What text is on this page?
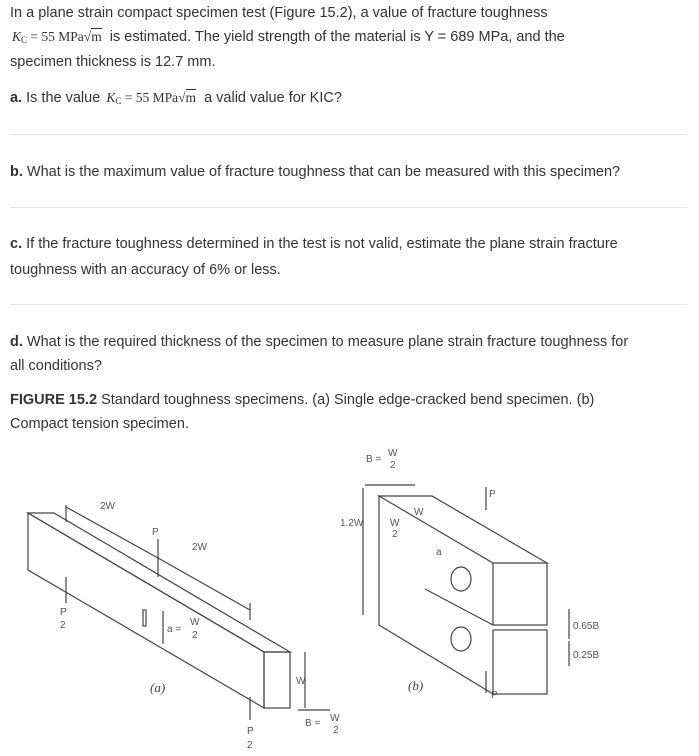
In a plane strain compact specimen test (Figure 15.2), a value of fracture toughness
$K_C = 55$ MPa√m is estimated. The yield strength of the material is Y = 689 MPa, and the
specimen thickness is 12.7 mm.
a. Is the value $K_C = 55$ MPa√m a valid value for KIC?
b. What is the maximum value of fracture toughness that can be measured with this specimen?
c. If the fracture toughness determined in the test is not valid, estimate the plane strain fracture
toughness with an accuracy of 6% or less.
d. What is the required thickness of the specimen to measure plane strain fracture toughness for
all conditions?
FIGURE 15.2 Standard toughness specimens. (a) Single edge-cracked bend specimen. (b)
Compact tension specimen.
2W
P
2W
P
2	a =
W
2
W
(a)
B = W
2
P
2
B =
W
2
P
W
1.2W	W
2
a
0.65B
0.25B
(b)
P
